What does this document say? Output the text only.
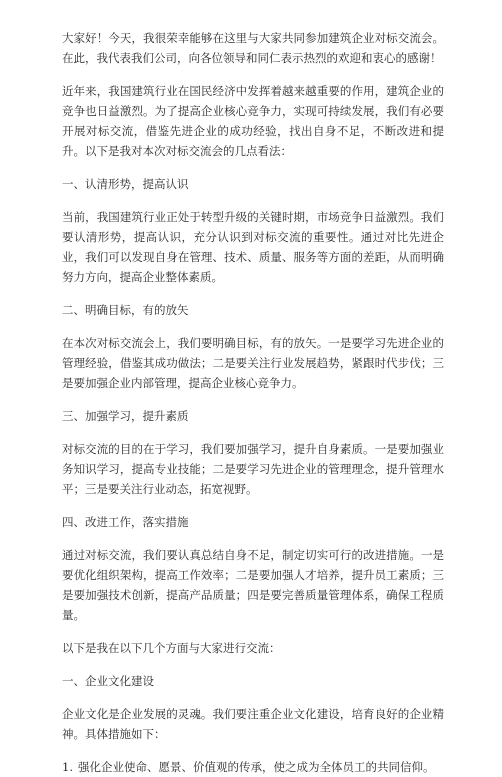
大家好！今天，我很荣幸能够在这里与大家共同参加建筑企业对标交流会。在此，我代表我们公司，向各位领导和同仁表示热烈的欢迎和衷心的感谢！
近年来，我国建筑行业在国民经济中发挥着越来越重要的作用，建筑企业的竞争也日益激烈。为了提高企业核心竞争力，实现可持续发展，我们有必要开展对标交流，借鉴先进企业的成功经验，找出自身不足，不断改进和提升。以下是我对本次对标交流会的几点看法：
一、认清形势，提高认识
当前，我国建筑行业正处于转型升级的关键时期，市场竞争日益激烈。我们要认清形势，提高认识，充分认识到对标交流的重要性。通过对比先进企业，我们可以发现自身在管理、技术、质量、服务等方面的差距，从而明确努力方向，提高企业整体素质。
二、明确目标，有的放矢
在本次对标交流会上，我们要明确目标，有的放矢。一是要学习先进企业的管理经验，借鉴其成功做法；二是要关注行业发展趋势，紧跟时代步伐；三是要加强企业内部管理，提高企业核心竞争力。
三、加强学习，提升素质
对标交流的目的在于学习，我们要加强学习，提升自身素质。一是要加强业务知识学习，提高专业技能；二是要学习先进企业的管理理念，提升管理水平；三是要关注行业动态，拓宽视野。
四、改进工作，落实措施
通过对标交流，我们要认真总结自身不足，制定切实可行的改进措施。一是要优化组织架构，提高工作效率；二是要加强人才培养，提升员工素质；三是要加强技术创新，提高产品质量；四是要完善质量管理体系，确保工程质量。
以下是我在以下几个方面与大家进行交流：
一、企业文化建设
企业文化是企业发展的灵魂。我们要注重企业文化建设，培育良好的企业精神。具体措施如下：
1. 强化企业使命、愿景、价值观的传承，使之成为全体员工的共同信仰。
